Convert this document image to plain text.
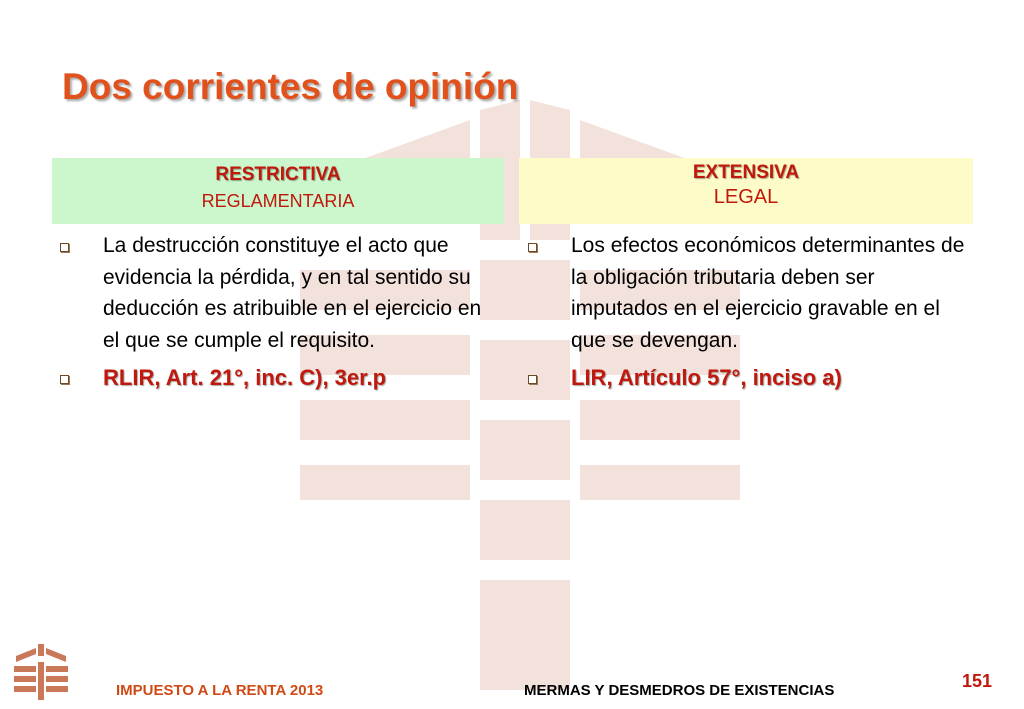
Dos corrientes de opinión
RESTRICTIVA
REGLAMENTARIA
EXTENSIVA
LEGAL
La destrucción constituye el acto que evidencia la pérdida, y en tal sentido su deducción es atribuible en el ejercicio en el que se cumple el requisito.
RLIR, Art. 21°, inc. C), 3er.p
Los efectos económicos determinantes de la obligación tributaria deben ser imputados en el ejercicio gravable en el que se devengan.
LIR, Artículo 57°, inciso a)
IMPUESTO A LA RENTA 2013	MERMAS Y DESMEDROS DE EXISTENCIAS	151
